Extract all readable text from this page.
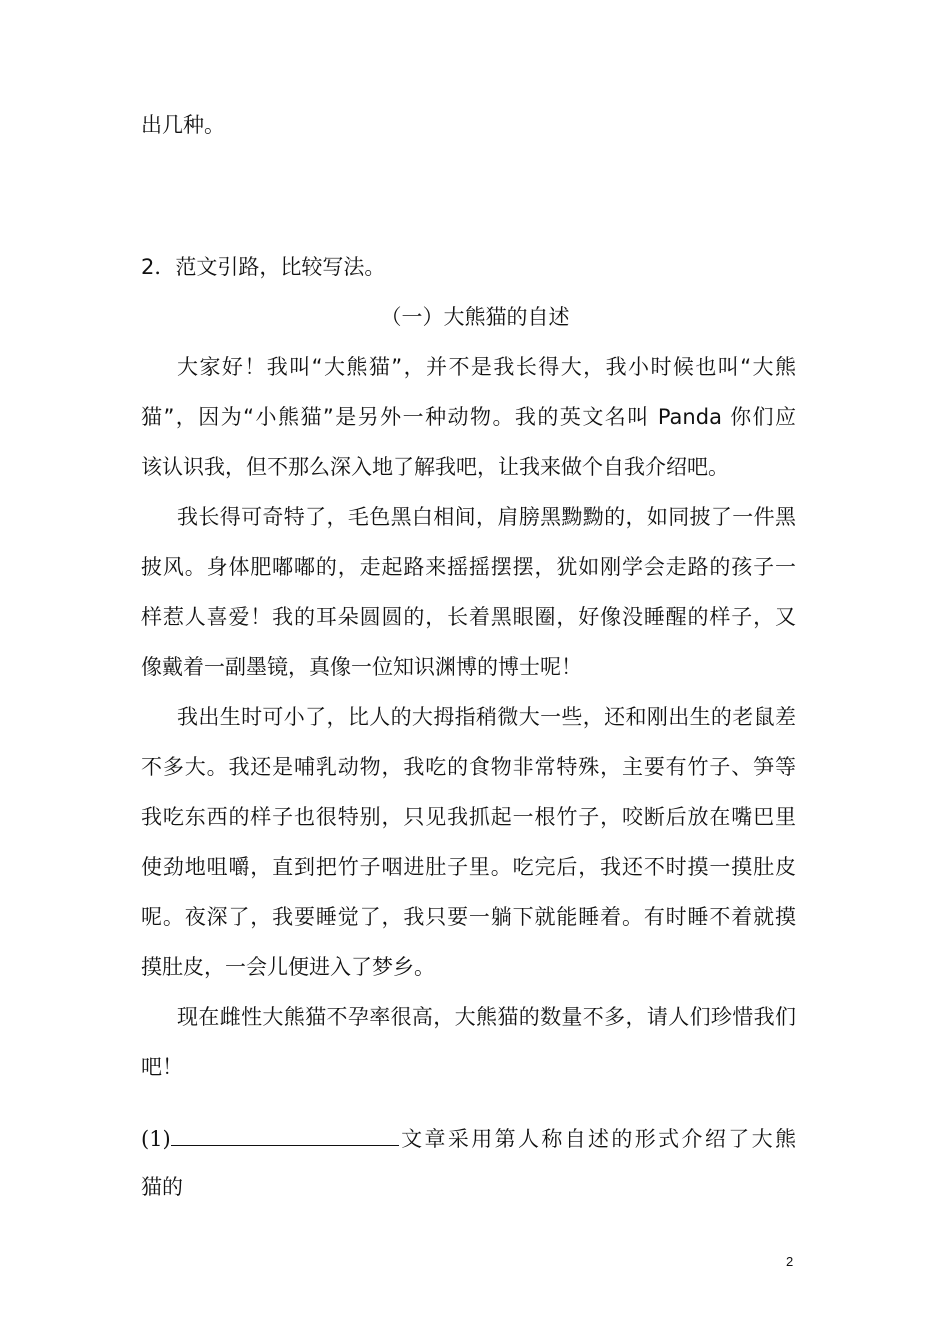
出几种。
2．范文引路，比较写法。
（一）大熊猫的自述
大家好！我叫“大熊猫”，并不是我长得大，我小时候也叫“大熊
猫”，因为“小熊猫”是另外一种动物。我的英文名叫 Panda 你们应
该认识我，但不那么深入地了解我吧，让我来做个自我介绍吧。
我长得可奇特了，毛色黑白相间，肩膀黑黝黝的，如同披了一件黑
披风。身体肥嘟嘟的，走起路来摇摇摆摆，犹如刚学会走路的孩子一
样惹人喜爱！我的耳朵圆圆的，长着黑眼圈，好像没睡醒的样子，又
像戴着一副墨镜，真像一位知识渊博的博士呢！
我出生时可小了，比人的大拇指稍微大一些，还和刚出生的老鼠差
不多大。我还是哺乳动物，我吃的食物非常特殊，主要有竹子、笋等
我吃东西的样子也很特别，只见我抓起一根竹子，咬断后放在嘴巴里
使劲地咀嚼，直到把竹子咽进肚子里。吃完后，我还不时摸一摸肚皮
呢。夜深了，我要睡觉了，我只要一躺下就能睡着。有时睡不着就摸
摸肚皮，一会儿便进入了梦乡。
现在雌性大熊猫不孕率很高，大熊猫的数量不多，请人们珍惜我们
吧！
(1)	文章采用第人称自述的形式介绍了大熊
猫的
2
